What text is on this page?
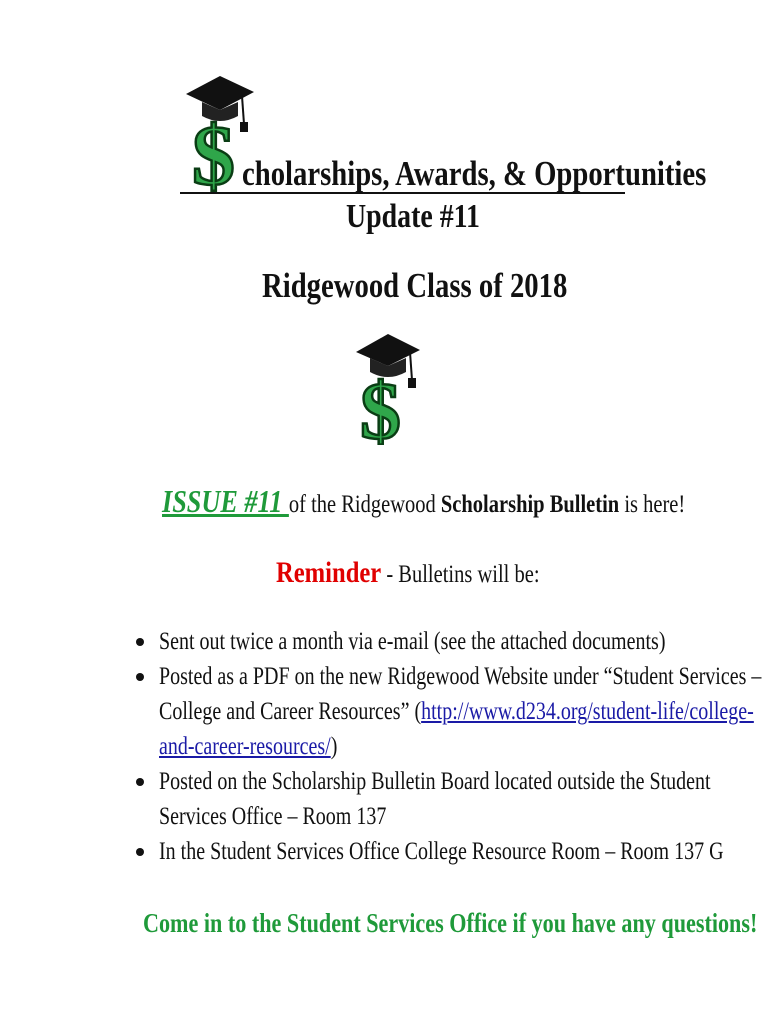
$ cholarships, Awards, & Opportunities
Update #11
Ridgewood Class of 2018
$
ISSUE #11 of the Ridgewood Scholarship Bulletin is here!
Reminder - Bulletins will be:
Sent out twice a month via e-mail (see the attached documents)
Posted as a PDF on the new Ridgewood Website under “Student Services – College and Career Resources” (http://www.d234.org/student-life/college-and-career-resources/)
Posted on the Scholarship Bulletin Board located outside the Student Services Office – Room 137
In the Student Services Office College Resource Room – Room 137 G
Come in to the Student Services Office if you have any questions!
